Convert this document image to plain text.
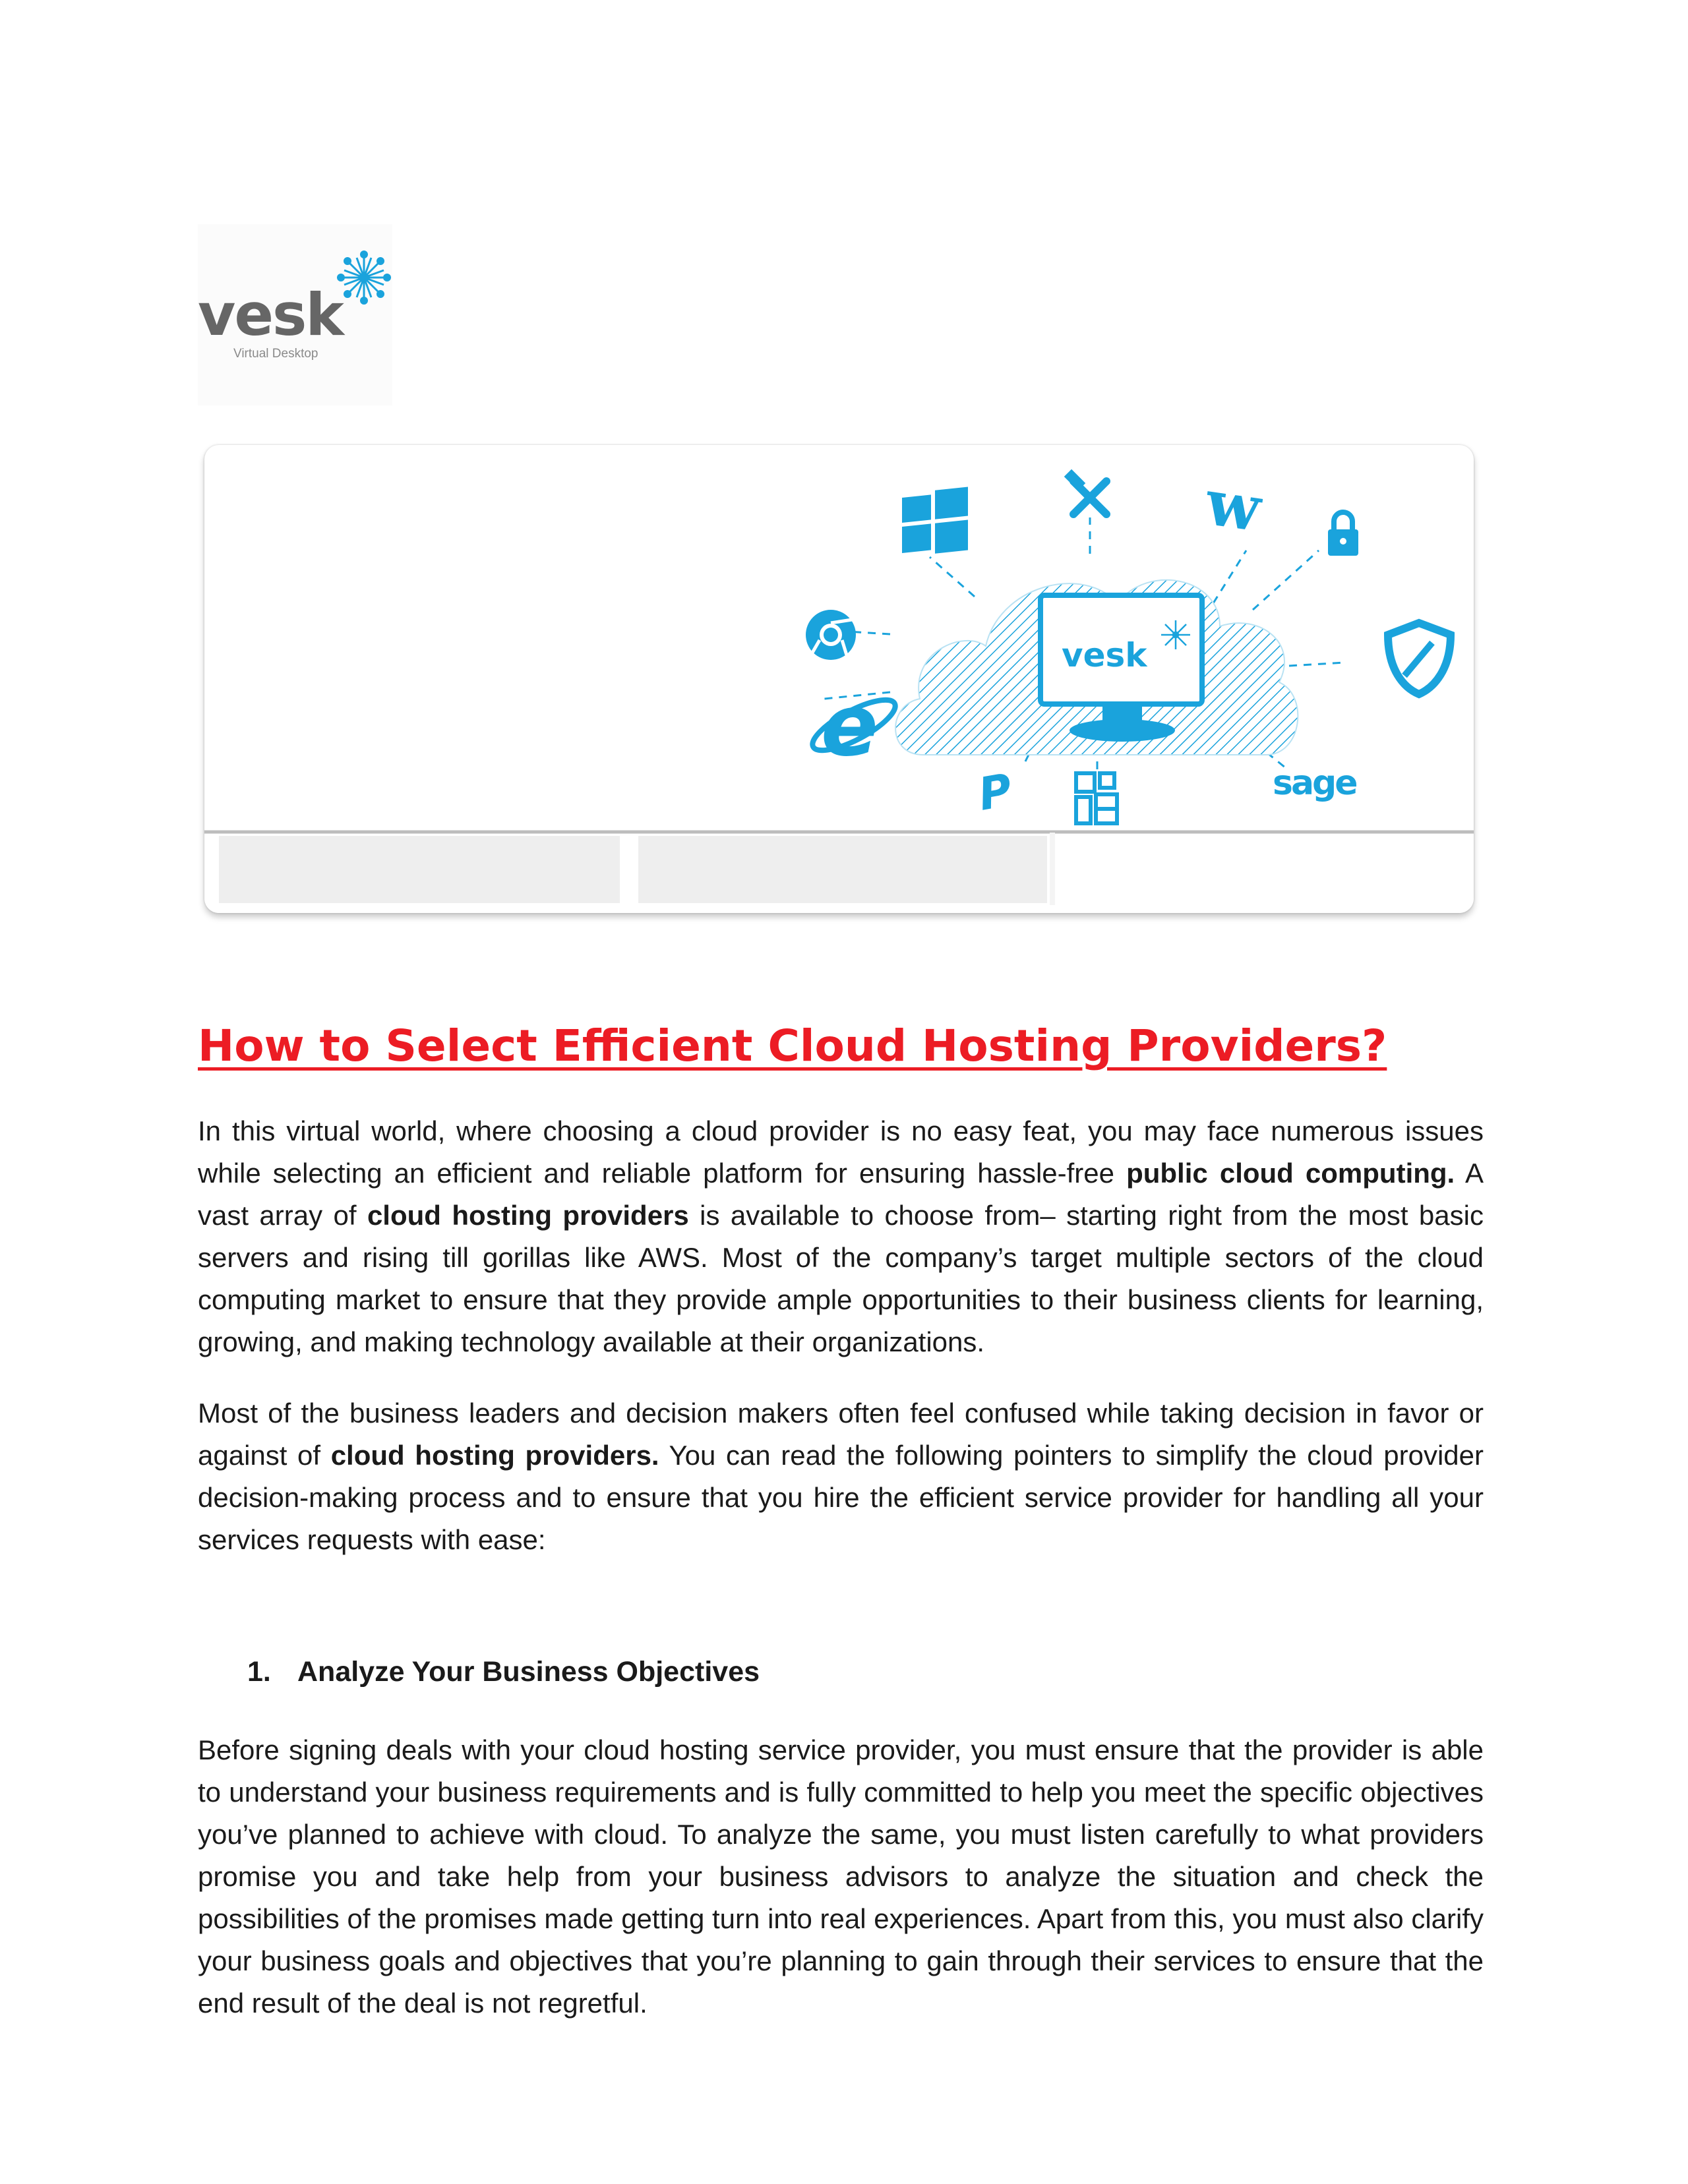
vesk
Virtual Desktop
vesk
w
e
P	sage
How to Select Efficient Cloud Hosting Providers?

In this virtual world, where choosing a cloud provider is no easy feat, you may face numerous issues while selecting an efficient and reliable platform for ensuring hassle-free public cloud computing. A vast array of cloud hosting providers is available to choose from– starting right from the most basic servers and rising till gorillas like AWS. Most of the company’s target multiple sectors of the cloud computing market to ensure that they provide ample opportunities to their business clients for learning, growing, and making technology available at their organizations.

Most of the business leaders and decision makers often feel confused while taking decision in favor or against of cloud hosting providers. You can read the following pointers to simplify the cloud provider decision-making process and to ensure that you hire the efficient service provider for handling all your services requests with ease:

1. Analyze Your Business Objectives

Before signing deals with your cloud hosting service provider, you must ensure that the provider is able to understand your business requirements and is fully committed to help you meet the specific objectives you’ve planned to achieve with cloud. To analyze the same, you must listen carefully to what providers promise you and take help from your business advisors to analyze the situation and check the possibilities of the promises made getting turn into real experiences. Apart from this, you must also clarify your business goals and objectives that you’re planning to gain through their services to ensure that the end result of the deal is not regretful.
